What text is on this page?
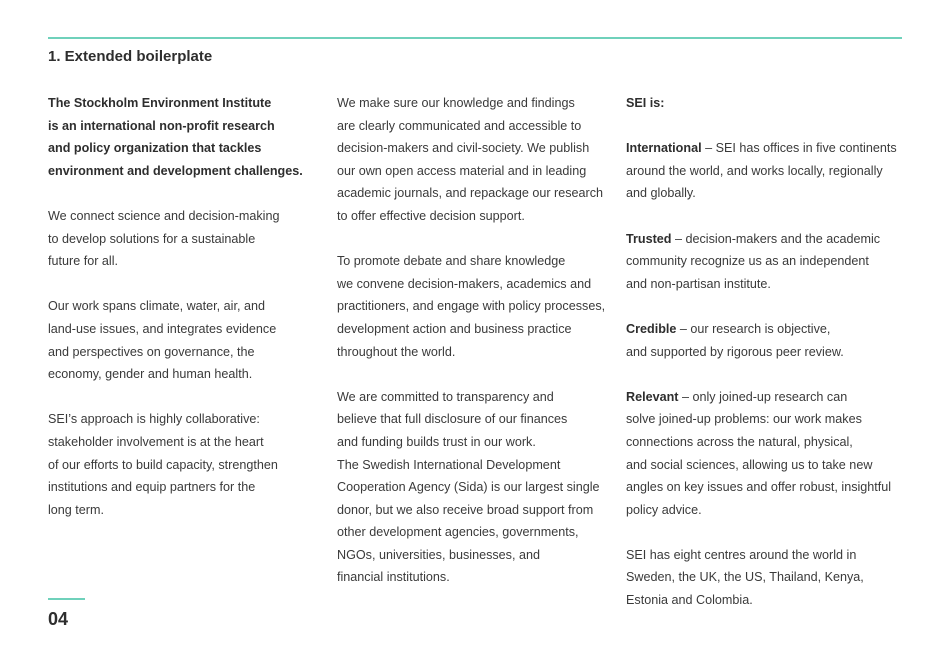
1. Extended boilerplate

The Stockholm Environment Institute
is an international non-profit research
and policy organization that tackles
environment and development challenges.

We connect science and decision-making
to develop solutions for a sustainable
future for all.

Our work spans climate, water, air, and
land-use issues, and integrates evidence
and perspectives on governance, the
economy, gender and human health.

SEI’s approach is highly collaborative:
stakeholder involvement is at the heart
of our efforts to build capacity, strengthen
institutions and equip partners for the
long term.

We make sure our knowledge and findings
are clearly communicated and accessible to
decision-makers and civil-society. We publish
our own open access material and in leading
academic journals, and repackage our research
to offer effective decision support.

To promote debate and share knowledge
we convene decision-makers, academics and
practitioners, and engage with policy processes,
development action and business practice
throughout the world.

We are committed to transparency and
believe that full disclosure of our finances
and funding builds trust in our work.

The Swedish International Development
Cooperation Agency (Sida) is our largest single
donor, but we also receive broad support from
other development agencies, governments,
NGOs, universities, businesses, and
financial institutions.

SEI is:

International – SEI has offices in five continents
around the world, and works locally, regionally
and globally.

Trusted – decision-makers and the academic
community recognize us as an independent
and non-partisan institute.

Credible – our research is objective,
and supported by rigorous peer review.

Relevant – only joined-up research can
solve joined-up problems: our work makes
connections across the natural, physical,
and social sciences, allowing us to take new
angles on key issues and offer robust, insightful
policy advice.

SEI has eight centres around the world in
Sweden, the UK, the US, Thailand, Kenya,
Estonia and Colombia.

04
